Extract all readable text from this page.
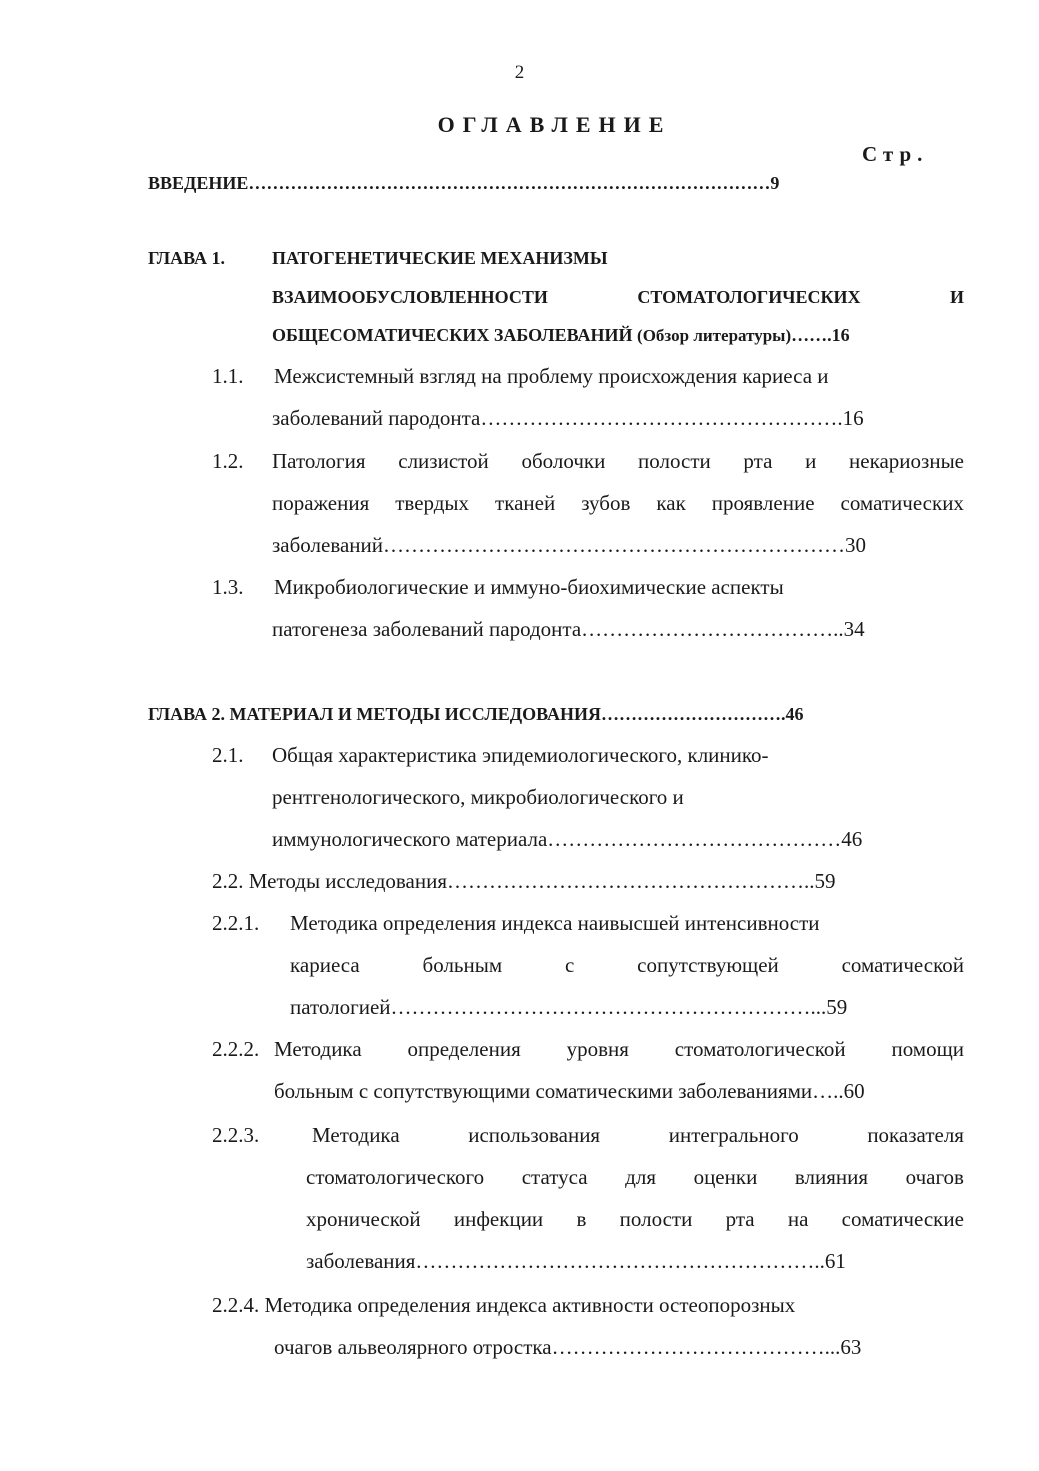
2
ОГЛАВЛЕНИЕ
Стр.
ВВЕДЕНИЕ……………………………………………………………………………9
ГЛАВА 1.	ПАТОГЕНЕТИЧЕСКИЕ МЕХАНИЗМЫ
ВЗАИМООБУСЛОВЛЕННОСТИ	СТОМАТОЛОГИЧЕСКИХ	И
ОБЩЕСОМАТИЧЕСКИХ ЗАБОЛЕВАНИЙ (Обзор литературы)…….16
1.1. Межсистемный взгляд на проблему происхождения кариеса и
заболеваний пародонта…………………………………………….16
1.2. Патология слизистой оболочки полости рта и некариозные
поражения твердых тканей зубов как проявление соматических
заболеваний…………………………………………………………30
1.3. Микробиологические и иммуно-биохимические аспекты
патогенеза заболеваний пародонта………………………………..34
ГЛАВА 2. МАТЕРИАЛ И МЕТОДЫ ИССЛЕДОВАНИЯ………………………….46
2.1. Общая характеристика эпидемиологического, клинико-
рентгенологического, микробиологического и
иммунологического материала……………………………………46
2.2. Методы исследования……………………………………………..59
2.2.1. Методика определения индекса наивысшей интенсивности
кариеса	больным	с	сопутствующей	соматической
патологией……………………………………………………...59
2.2.2. Методика определения уровня стоматологической помощи
больным с сопутствующими соматическими заболеваниями…..60
2.2.3.	Методика	использования	интегрального	показателя
стоматологического статуса для оценки влияния очагов
хронической инфекции в полости рта на соматические
заболевания…………………………………………………..61
2.2.4. Методика определения индекса активности остеопорозных
очагов альвеолярного отростка…………………………………...63
